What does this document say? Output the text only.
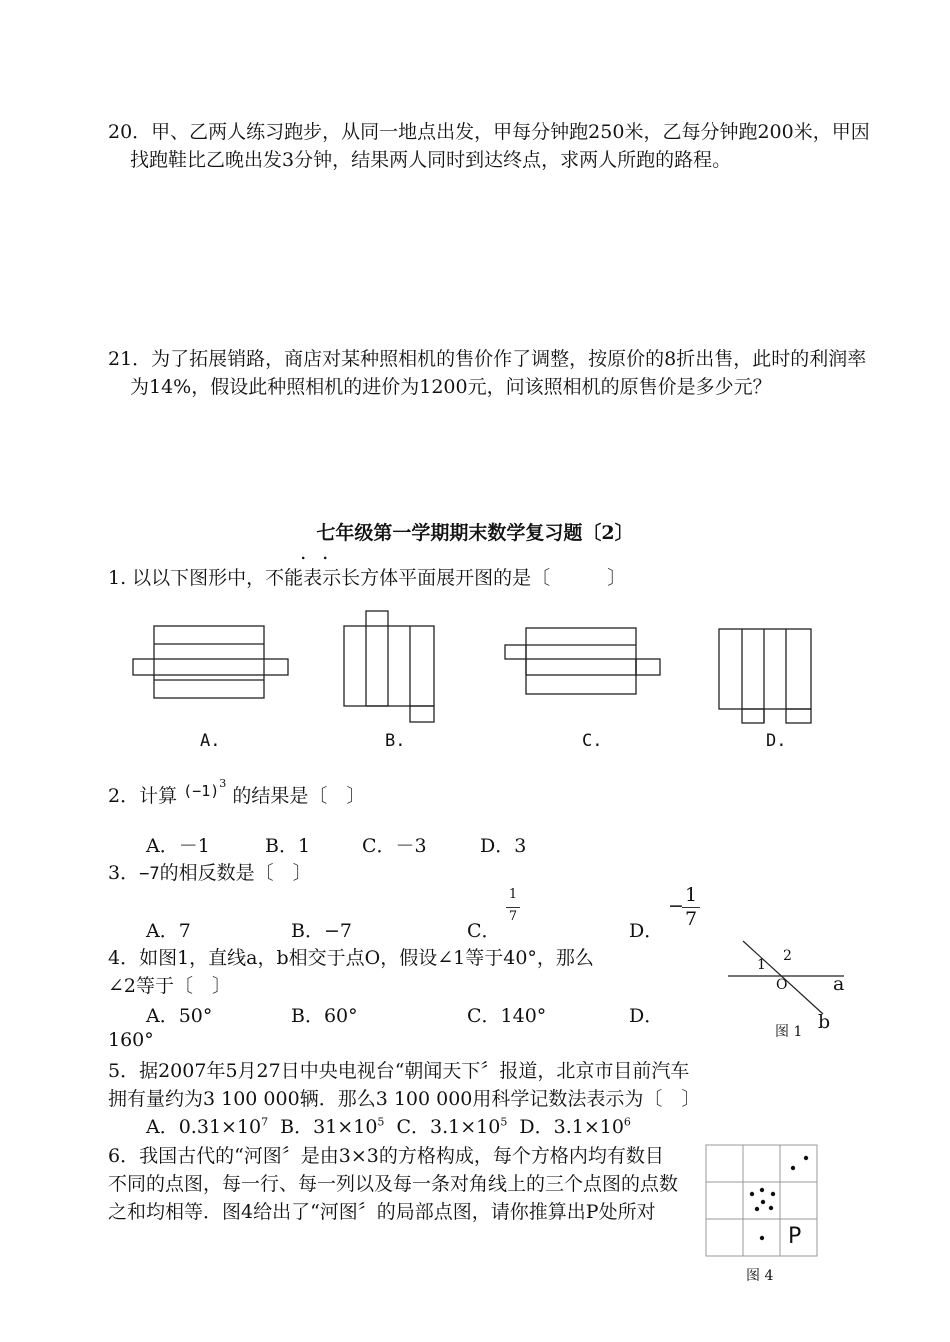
20．甲、乙两人练习跑步，从同一地点出发，甲每分钟跑250米，乙每分钟跑200米，甲因找跑鞋比乙晚出发3分钟，结果两人同时到达终点，求两人所跑的路程。
21．为了拓展销路，商店对某种照相机的售价作了调整，按原价的8折出售，此时的利润率为14%，假设此种照相机的进价为1200元，问该照相机的原售价是多少元？
七年级第一学期期末数学复习题〔2〕
. .
1. 以以下图形中，不能表示长方体平面展开图的是〔　　　〕
A.	B.	C.	D.
2．计算 $^{(-1)3}$ 的结果是〔　〕
A．－1	B．1	C．－3	D．3
3．−7的相反数是〔　〕
A．7	B．−7	C．
1
7
D．
− 1
7
4．如图1，直线a，b相交于点O，假设∠1等于40°，那么
∠2等于〔　〕
A．50°	B．60°	C．140°	D．
160°
1
2
O a
b
图 1
5．据2007年5月27日中央电视台“朝闻天下〞报道，北京市目前汽车
拥有量约为3 100 000辆．那么3 100 000用科学记数法表示为〔　〕
A．$0.31\times 10^7$ B．$31\times 10^5$ C．$3.1\times 10^5$ D．$3.1\times 10^6$
6．我国古代的“河图〞是由3×3的方格构成，每个方格内均有数目
不同的点图，每一行、每一列以及每一条对角线上的三个点图的点数
之和均相等．图4给出了“河图〞的局部点图，请你推算出P处所对
P
图 4
